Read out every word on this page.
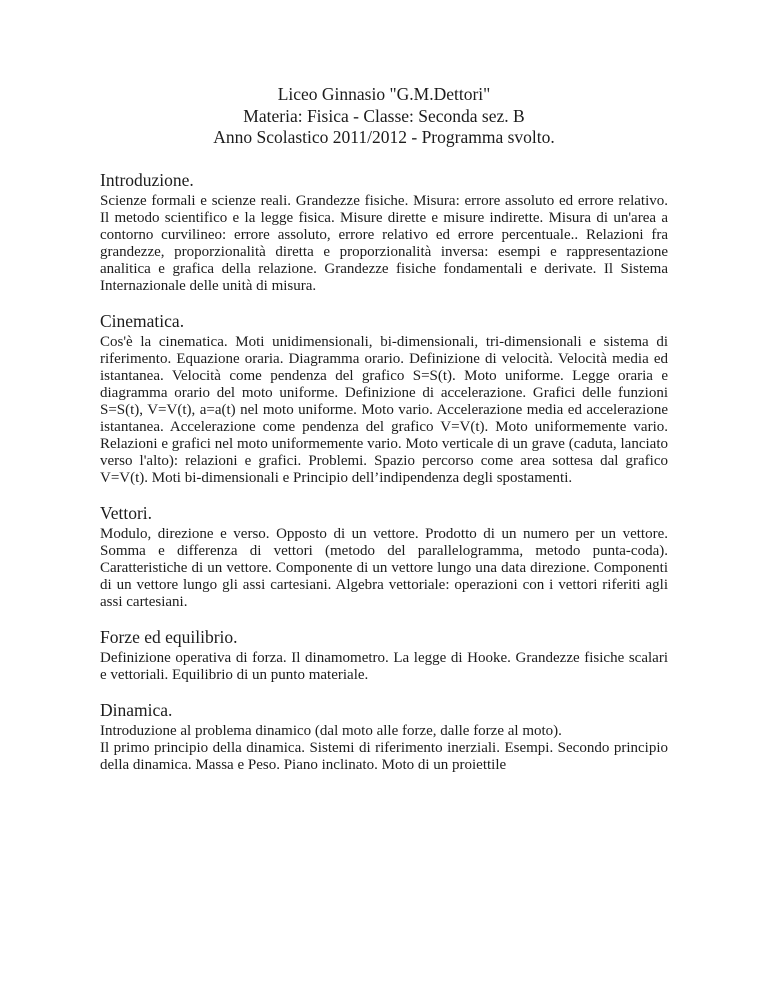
Liceo Ginnasio "G.M.Dettori"
Materia: Fisica - Classe: Seconda sez. B
Anno Scolastico 2011/2012 - Programma svolto.
Introduzione.

Scienze formali e scienze reali. Grandezze fisiche. Misura: errore assoluto ed errore relativo. Il metodo scientifico e la legge fisica. Misure dirette e misure indirette. Misura di un'area a contorno curvilineo: errore assoluto, errore relativo ed errore percentuale.. Relazioni fra grandezze, proporzionalità diretta e proporzionalità inversa: esempi e rappresentazione analitica e grafica della relazione. Grandezze fisiche fondamentali e derivate. Il Sistema Internazionale delle unità di misura.

Cinematica.

Cos'è la cinematica. Moti unidimensionali, bi-dimensionali, tri-dimensionali e sistema di riferimento. Equazione oraria. Diagramma orario. Definizione di velocità. Velocità media ed istantanea. Velocità come pendenza del grafico S=S(t). Moto uniforme. Legge oraria e diagramma orario del moto uniforme. Definizione di accelerazione. Grafici delle funzioni S=S(t), V=V(t), a=a(t) nel moto uniforme. Moto vario. Accelerazione media ed accelerazione istantanea. Accelerazione come pendenza del grafico V=V(t). Moto uniformemente vario. Relazioni e grafici nel moto uniformemente vario. Moto verticale di un grave (caduta, lanciato verso l'alto): relazioni e grafici. Problemi. Spazio percorso come area sottesa dal grafico V=V(t). Moti bi-dimensionali e Principio dell’indipendenza degli spostamenti.

Vettori.

Modulo, direzione e verso. Opposto di un vettore. Prodotto di un numero per un vettore. Somma e differenza di vettori (metodo del parallelogramma, metodo punta-coda). Caratteristiche di un vettore. Componente di un vettore lungo una data direzione. Componenti di un vettore lungo gli assi cartesiani. Algebra vettoriale: operazioni con i vettori riferiti agli assi cartesiani.

Forze ed equilibrio.

Definizione operativa di forza. Il dinamometro. La legge di Hooke. Grandezze fisiche scalari e vettoriali. Equilibrio di un punto materiale.

Dinamica.

Introduzione al problema dinamico (dal moto alle forze, dalle forze al moto).

Il primo principio della dinamica. Sistemi di riferimento inerziali. Esempi. Secondo principio della dinamica. Massa e Peso. Piano inclinato. Moto di un proiettile
